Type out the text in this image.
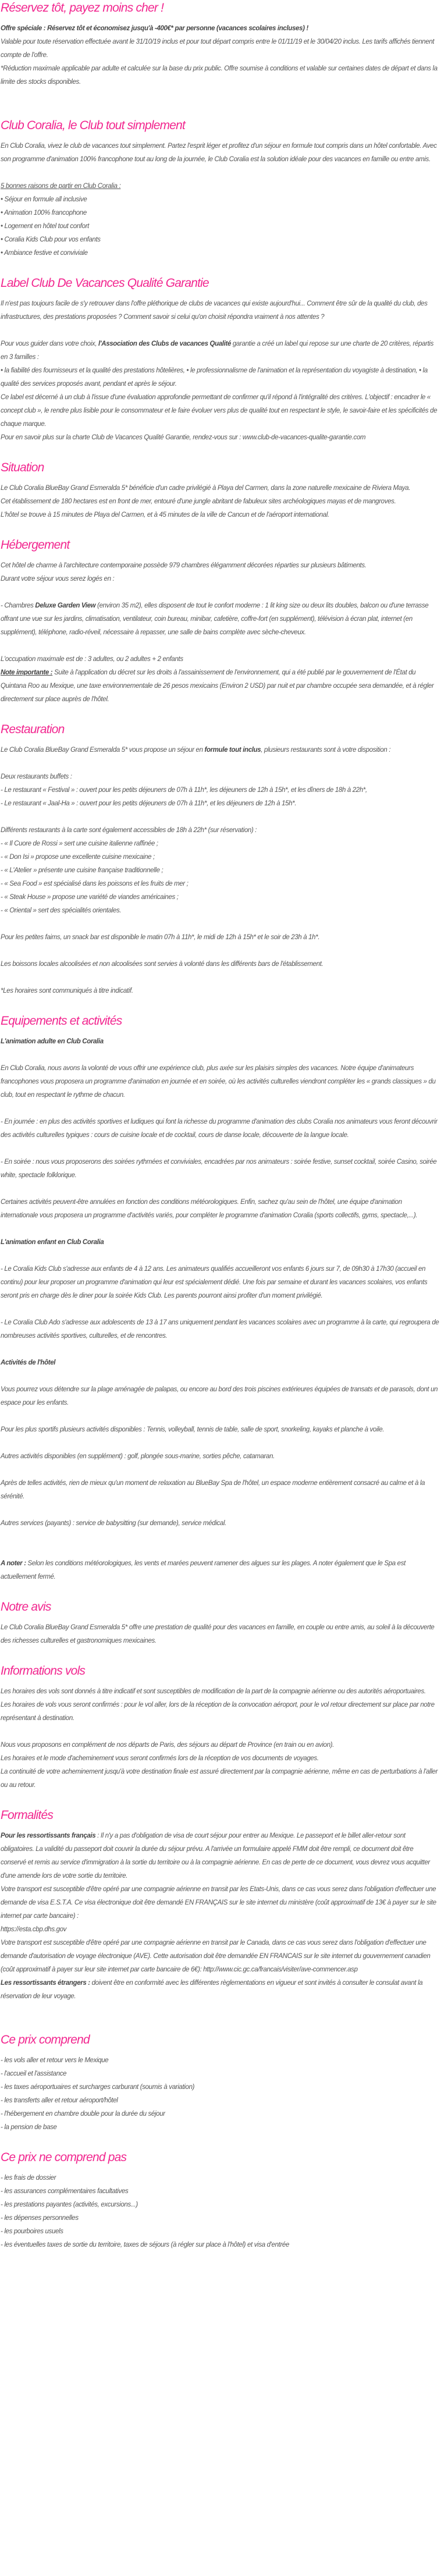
Réservez tôt, payez moins cher !

Offre spéciale : Réservez tôt et économisez jusqu'à -400€* par personne (vacances scolaires incluses) !

Valable pour toute réservation effectuée avant le 31/10/19 inclus et pour tout départ compris entre le 01/11/19 et le 30/04/20 inclus. Les tarifs affichés tiennent compte de l'offre.

*Réduction maximale applicable par adulte et calculée sur la base du prix public. Offre soumise à conditions et valable sur certaines dates de départ et dans la limite des stocks disponibles.

Club Coralia, le Club tout simplement

En Club Coralia, vivez le club de vacances tout simplement. Partez l'esprit léger et profitez d'un séjour en formule tout compris dans un hôtel confortable. Avec son programme d'animation 100% francophone tout au long de la journée, le Club Coralia est la solution idéale pour des vacances en famille ou entre amis.

5 bonnes raisons de partir en Club Coralia :

• Séjour en formule all inclusive

• Animation 100% francophone

• Logement en hôtel tout confort

• Coralia Kids Club pour vos enfants

• Ambiance festive et conviviale

Label Club De Vacances Qualité Garantie

Il n'est pas toujours facile de s'y retrouver dans l'offre pléthorique de clubs de vacances qui existe aujourd'hui... Comment être sûr de la qualité du club, des infrastructures, des prestations proposées ? Comment savoir si celui qu'on choisit répondra vraiment à nos attentes ?

Pour vous guider dans votre choix, l'Association des Clubs de vacances Qualité garantie a créé un label qui repose sur une charte de 20 critères, répartis en 3 familles :

• la fiabilité des fournisseurs et la qualité des prestations hôtelières, • le professionnalisme de l'animation et la représentation du voyagiste à destination, • la qualité des services proposés avant, pendant et après le séjour.

Ce label est décerné à un club à l'issue d'une évaluation approfondie permettant de confirmer qu'il répond à l'intégralité des critères. L'objectif : encadrer le « concept club », le rendre plus lisible pour le consommateur et le faire évoluer vers plus de qualité tout en respectant le style, le savoir-faire et les spécificités de chaque marque.

Pour en savoir plus sur la charte Club de Vacances Qualité Garantie, rendez-vous sur : www.club-de-vacances-qualite-garantie.com

Situation

Le Club Coralia BlueBay Grand Esmeralda 5* bénéficie d'un cadre privilégié à Playa del Carmen, dans la zone naturelle mexicaine de Riviera Maya.

Cet établissement de 180 hectares est en front de mer, entouré d'une jungle abritant de fabuleux sites archéologiques mayas et de mangroves.

L'hôtel se trouve à 15 minutes de Playa del Carmen, et à 45 minutes de la ville de Cancun et de l'aéroport international.

Hébergement

Cet hôtel de charme à l'architecture contemporaine possède 979 chambres élégamment décorées réparties sur plusieurs bâtiments.

Durant votre séjour vous serez logés en :

- Chambres Deluxe Garden View (environ 35 m2), elles disposent de tout le confort moderne : 1 lit king size ou deux lits doubles, balcon ou d'une terrasse offrant une vue sur les jardins, climatisation, ventilateur, coin bureau, minibar, cafetière, coffre-fort (en supplément), télévision à écran plat, internet (en supplément), téléphone, radio-réveil, nécessaire à repasser, une salle de bains complète avec sèche-cheveux.

L'occupation maximale est de : 3 adultes, ou 2 adultes + 2 enfants

Note importante : Suite à l'application du décret sur les droits à l'assainissement de l'environnement, qui a été publié par le gouvernement de l'État du Quintana Roo au Mexique, une taxe environnementale de 26 pesos mexicains (Environ 2 USD) par nuit et par chambre occupée sera demandée, et à régler directement sur place auprès de l'hôtel.

Restauration

Le Club Coralia BlueBay Grand Esmeralda 5* vous propose un séjour en formule tout inclus, plusieurs restaurants sont à votre disposition :

Deux restaurants buffets :

- Le restaurant « Festival » : ouvert pour les petits déjeuners de 07h à 11h*, les déjeuners de 12h à 15h*, et les dîners de 18h à 22h*,

- Le restaurant « Jaal-Ha » : ouvert pour les petits déjeuners de 07h à 11h*, et les déjeuners de 12h à 15h*.

Différents restaurants à la carte sont également accessibles de 18h à 22h* (sur réservation) :

- « Il Cuore de Rossi » sert une cuisine italienne raffinée ;

- « Don Isi » propose une excellente cuisine mexicaine ;

- « L'Atelier » présente une cuisine française traditionnelle ;

- « Sea Food » est spécialisé dans les poissons et les fruits de mer ;

- « Steak House » propose une variété de viandes américaines ;

- « Oriental » sert des spécialités orientales.

Pour les petites faims, un snack bar est disponible le matin 07h à 11h*, le midi de 12h à 15h* et le soir de 23h à 1h*.

Les boissons locales alcoolisées et non alcoolisées sont servies à volonté dans les différents bars de l'établissement.

*Les horaires sont communiqués à titre indicatif.

Equipements et activités

L'animation adulte en Club Coralia

En Club Coralia, nous avons la volonté de vous offrir une expérience club, plus axée sur les plaisirs simples des vacances. Notre équipe d'animateurs francophones vous proposera un programme d'animation en journée et en soirée, où les activités culturelles viendront compléter les « grands classiques » du club, tout en respectant le rythme de chacun.

- En journée : en plus des activités sportives et ludiques qui font la richesse du programme d'animation des clubs Coralia nos animateurs vous feront découvrir des activités culturelles typiques : cours de cuisine locale et de cocktail, cours de danse locale, découverte de la langue locale.

- En soirée : nous vous proposerons des soirées rythmées et conviviales, encadrées par nos animateurs : soirée festive, sunset cocktail, soirée Casino, soirée white, spectacle folklorique.

Certaines activités peuvent-être annulées en fonction des conditions météorologiques. Enfin, sachez qu'au sein de l'hôtel, une équipe d'animation internationale vous proposera un programme d'activités variés, pour compléter le programme d'animation Coralia (sports collectifs, gyms, spectacle,...).

L'animation enfant en Club Coralia

- Le Coralia Kids Club s'adresse aux enfants de 4 à 12 ans. Les animateurs qualifiés accueilleront vos enfants 6 jours sur 7, de 09h30 à 17h30 (accueil en continu) pour leur proposer un programme d'animation qui leur est spécialement dédié. Une fois par semaine et durant les vacances scolaires, vos enfants seront pris en charge dès le diner pour la soirée Kids Club. Les parents pourront ainsi profiter d'un moment privilégié.

- Le Coralia Club Ado s'adresse aux adolescents de 13 à 17 ans uniquement pendant les vacances scolaires avec un programme à la carte, qui regroupera de nombreuses activités sportives, culturelles, et de rencontres.

Activités de l'hôtel

Vous pourrez vous détendre sur la plage aménagée de palapas, ou encore au bord des trois piscines extérieures équipées de transats et de parasols, dont un espace pour les enfants.

Pour les plus sportifs plusieurs activités disponibles : Tennis, volleyball, tennis de table, salle de sport, snorkeling, kayaks et planche à voile.

Autres activités disponibles (en supplément) : golf, plongée sous-marine, sorties pêche, catamaran.

Après de telles activités, rien de mieux qu'un moment de relaxation au BlueBay Spa de l'hôtel, un espace moderne entièrement consacré au calme et à la sérénité.

Autres services (payants) : service de babysitting (sur demande), service médical.

A noter : Selon les conditions météorologiques, les vents et marées peuvent ramener des algues sur les plages. A noter également que le Spa est actuellement fermé.

Notre avis

Le Club Coralia BlueBay Grand Esmeralda 5* offre une prestation de qualité pour des vacances en famille, en couple ou entre amis, au soleil à la découverte des richesses culturelles et gastronomiques mexicaines.

Informations vols

Les horaires des vols sont donnés à titre indicatif et sont susceptibles de modification de la part de la compagnie aérienne ou des autorités aéroportuaires.

Les horaires de vols vous seront confirmés : pour le vol aller, lors de la réception de la convocation aéroport, pour le vol retour directement sur place par notre représentant à destination.

Nous vous proposons en complément de nos départs de Paris, des séjours au départ de Province (en train ou en avion).

Les horaires et le mode d'acheminement vous seront confirmés lors de la réception de vos documents de voyages.

La continuité de votre acheminement jusqu'à votre destination finale est assuré directement par la compagnie aérienne, même en cas de perturbations à l'aller ou au retour.

Formalités

Pour les ressortissants français : Il n'y a pas d'obligation de visa de court séjour pour entrer au Mexique. Le passeport et le billet aller-retour sont obligatoires. La validité du passeport doit couvrir la durée du séjour prévu. A l'arrivée un formulaire appelé FMM doit être rempli, ce document doit être conservé et remis au service d'immigration à la sortie du territoire ou à la compagnie aérienne. En cas de perte de ce document, vous devrez vous acquitter d'une amende lors de votre sortie du territoire.

Votre transport est susceptible d'être opéré par une compagnie aérienne en transit par les Etats-Unis, dans ce cas vous serez dans l'obligation d'effectuer une demande de visa E.S.T.A. Ce visa électronique doit être demandé EN FRANÇAIS sur le site internet du ministère (coût approximatif de 13€ à payer sur le site internet par carte bancaire) :

https://esta.cbp.dhs.gov

Votre transport est susceptible d'être opéré par une compagnie aérienne en transit par le Canada, dans ce cas vous serez dans l'obligation d'effectuer une demande d'autorisation de voyage électronique (AVE). Cette autorisation doit être demandée EN FRANCAIS sur le site internet du gouvernement canadien (coût approximatif à payer sur leur site internet par carte bancaire de 6€): http://www.cic.gc.ca/francais/visiter/ave-commencer.asp

Les ressortissants étrangers : doivent être en conformité avec les différentes règlementations en vigueur et sont invités à consulter le consulat avant la réservation de leur voyage.

Ce prix comprend

- les vols aller et retour vers le Mexique

- l'accueil et l'assistance

- les taxes aéroportuaires et surcharges carburant (soumis à variation)

- les transferts aller et retour aéroport/hôtel

- l'hébergement en chambre double pour la durée du séjour

- la pension de base

Ce prix ne comprend pas

- les frais de dossier

- les assurances complémentaires facultatives

- les prestations payantes (activités, excursions...)

- les dépenses personnelles

- les pourboires usuels

- les éventuelles taxes de sortie du territoire, taxes de séjours (à régler sur place à l'hôtel) et visa d'entrée
